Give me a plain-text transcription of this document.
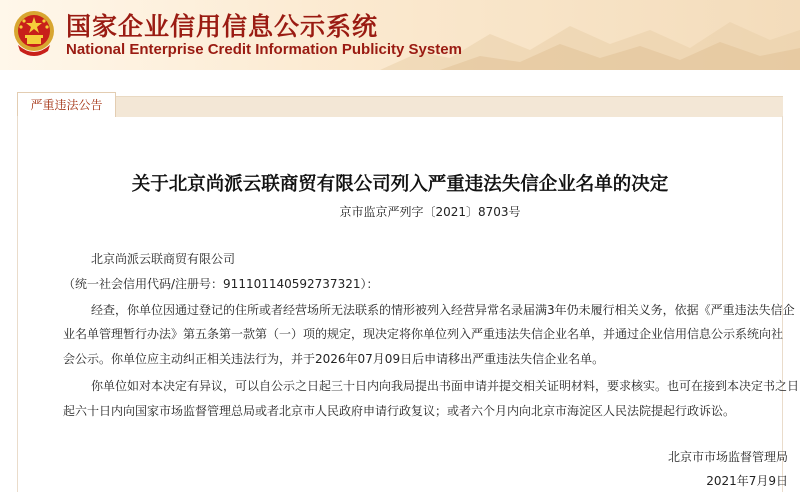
国家企业信用信息公示系统
National Enterprise Credit Information Publicity System
严重违法公告
关于北京尚派云联商贸有限公司列入严重违法失信企业名单的决定
京市监京严列字〔2021〕8703号
北京尚派云联商贸有限公司
（统一社会信用代码/注册号：911101140592737321）：
经查，你单位因通过登记的住所或者经营场所无法联系的情形被列入经营异常名录届满3年仍未履行相关义务，依据《严重违法失信企
业名单管理暂行办法》第五条第一款第（一）项的规定，现决定将你单位列入严重违法失信企业名单，并通过企业信用信息公示系统向社
会公示。你单位应主动纠正相关违法行为，并于2026年07月09日后申请移出严重违法失信企业名单。
你单位如对本决定有异议，可以自公示之日起三十日内向我局提出书面申请并提交相关证明材料，要求核实。也可在接到本决定书之日
起六十日内向国家市场监督管理总局或者北京市人民政府申请行政复议；或者六个月内向北京市海淀区人民法院提起行政诉讼。
北京市市场监督管理局
2021年7月9日
